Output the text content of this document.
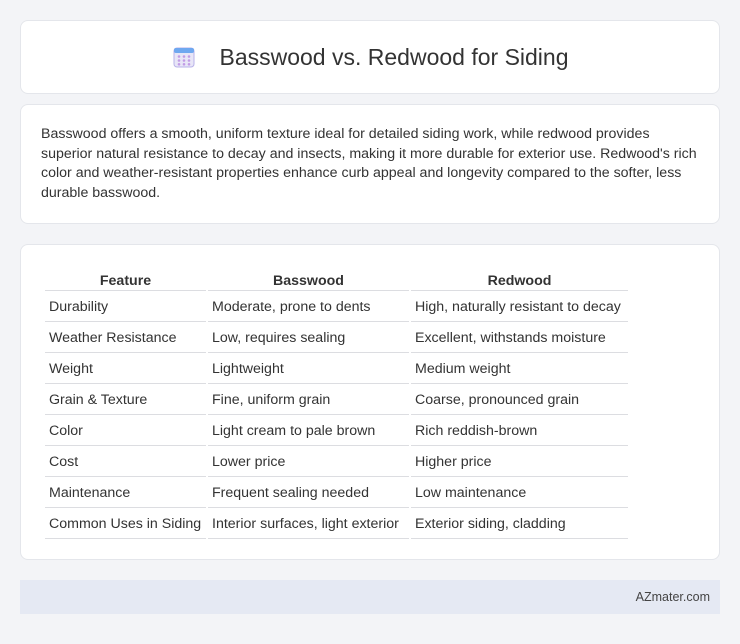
Basswood vs. Redwood for Siding

Basswood offers a smooth, uniform texture ideal for detailed siding work, while redwood provides superior natural resistance to decay and insects, making it more durable for exterior use. Redwood's rich color and weather-resistant properties enhance curb appeal and longevity compared to the softer, less durable basswood.

Feature	Basswood	Redwood
Durability	Moderate, prone to dents	High, naturally resistant to decay
Weather Resistance	Low, requires sealing	Excellent, withstands moisture
Weight	Lightweight	Medium weight
Grain & Texture	Fine, uniform grain	Coarse, pronounced grain
Color	Light cream to pale brown	Rich reddish-brown
Cost	Lower price	Higher price
Maintenance	Frequent sealing needed	Low maintenance
Common Uses in Siding	Interior surfaces, light exterior	Exterior siding, cladding
AZmater.com
